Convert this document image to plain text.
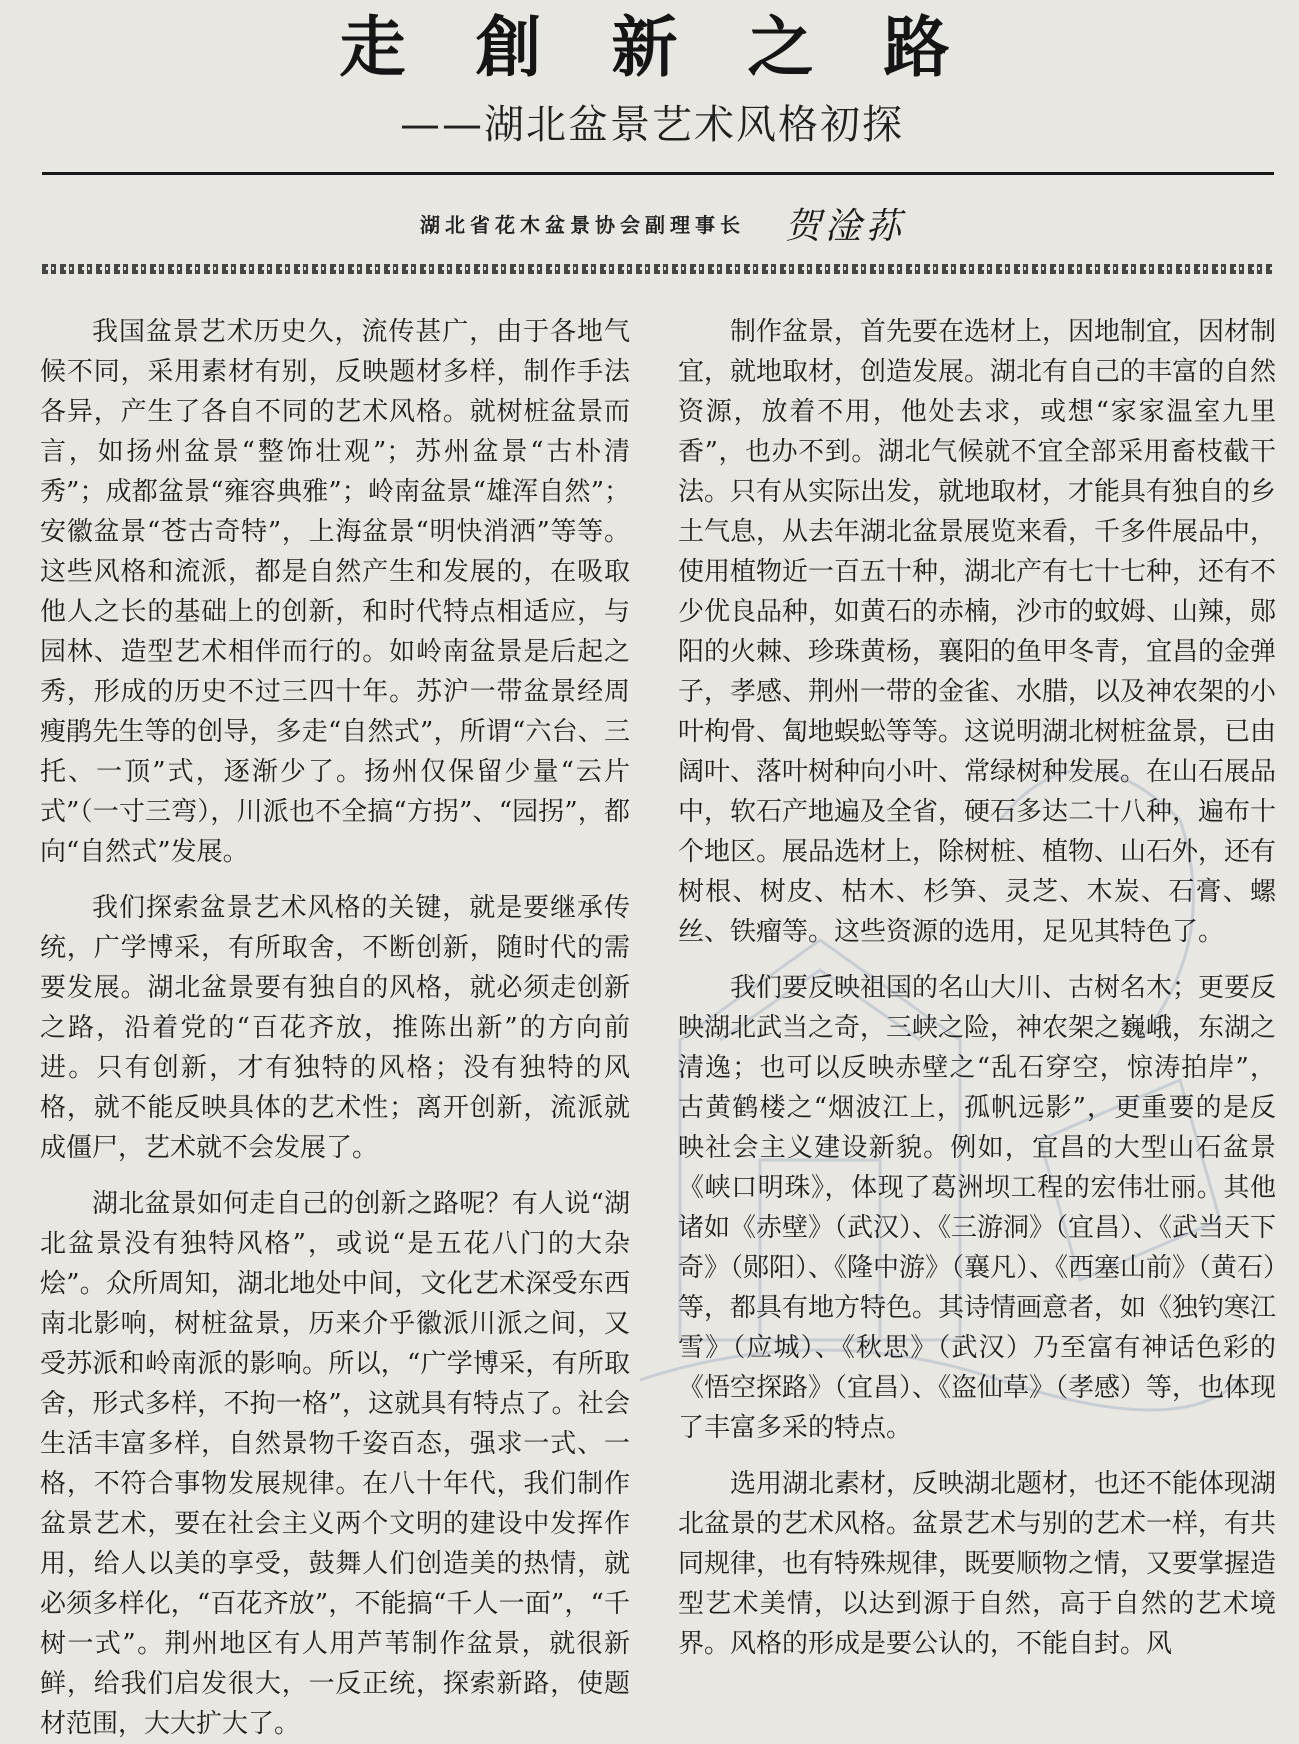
走創新之路
——湖北盆景艺术风格初探
湖北省花木盆景协会副理事长 贺淦荪

我国盆景艺术历史久，流传甚广，由于各地气候不同，采用素材有别，反映题材多样，制作手法各异，产生了各自不同的艺术风格。就树桩盆景而言，如扬州盆景“整饰壮观”；苏州盆景“古朴清秀”；成都盆景“雍容典雅”；岭南盆景“雄浑自然”；安徽盆景“苍古奇特”，上海盆景“明快消洒”等等。这些风格和流派，都是自然产生和发展的，在吸取他人之长的基础上的创新，和时代特点相适应，与园林、造型艺术相伴而行的。如岭南盆景是后起之秀，形成的历史不过三四十年。苏沪一带盆景经周瘦鹃先生等的创导，多走“自然式”，所谓“六台、三托、一顶”式，逐渐少了。扬州仅保留少量“云片式”（一寸三弯），川派也不全搞“方拐”、“园拐”，都向“自然式”发展。

我们探索盆景艺术风格的关键，就是要继承传统，广学博采，有所取舍，不断创新，随时代的需要发展。湖北盆景要有独自的风格，就必须走创新之路，沿着党的“百花齐放，推陈出新”的方向前进。只有创新，才有独特的风格；没有独特的风格，就不能反映具体的艺术性；离开创新，流派就成僵尸，艺术就不会发展了。

湖北盆景如何走自己的创新之路呢？有人说“湖北盆景没有独特风格”，或说“是五花八门的大杂烩”。众所周知，湖北地处中间，文化艺术深受东西南北影响，树桩盆景，历来介乎徽派川派之间，又受苏派和岭南派的影响。所以，“广学博采，有所取舍，形式多样，不拘一格”，这就具有特点了。社会生活丰富多样，自然景物千姿百态，强求一式、一格，不符合事物发展规律。在八十年代，我们制作盆景艺术，要在社会主义两个文明的建设中发挥作用，给人以美的享受，鼓舞人们创造美的热情，就必须多样化，“百花齐放”，不能搞“千人一面”，“千树一式”。荆州地区有人用芦苇制作盆景，就很新鲜，给我们启发很大，一反正统，探索新路，使题材范围，大大扩大了。

制作盆景，首先要在选材上，因地制宜，因材制宜，就地取材，创造发展。湖北有自己的丰富的自然资源，放着不用，他处去求，或想“家家温室九里香”，也办不到。湖北气候就不宜全部采用畜枝截干法。只有从实际出发，就地取材，才能具有独自的乡土气息，从去年湖北盆景展览来看，千多件展品中，使用植物近一百五十种，湖北产有七十七种，还有不少优良品种，如黄石的赤楠，沙市的蚊姆、山辣，郧阳的火棘、珍珠黄杨，襄阳的鱼甲冬青，宜昌的金弹子，孝感、荆州一带的金雀、水腊，以及神农架的小叶枸骨、匐地蜈蚣等等。这说明湖北树桩盆景，已由阔叶、落叶树种向小叶、常绿树种发展。在山石展品中，软石产地遍及全省，硬石多达二十八种，遍布十个地区。展品选材上，除树桩、植物、山石外，还有树根、树皮、枯木、杉笋、灵芝、木炭、石膏、螺丝、铁瘤等。这些资源的选用，足见其特色了。

我们要反映祖国的名山大川、古树名木；更要反映湖北武当之奇，三峡之险，神农架之巍峨，东湖之清逸；也可以反映赤壁之“乱石穿空，惊涛拍岸”，古黄鹤楼之“烟波江上，孤帆远影”，更重要的是反映社会主义建设新貌。例如，宜昌的大型山石盆景《峡口明珠》，体现了葛洲坝工程的宏伟壮丽。其他诸如《赤壁》（武汉）、《三游洞》（宜昌）、《武当天下奇》（郧阳）、《隆中游》（襄凡）、《西塞山前》（黄石）等，都具有地方特色。其诗情画意者，如《独钓寒江雪》（应城）、《秋思》（武汉）乃至富有神话色彩的《悟空探路》（宜昌）、《盗仙草》（孝感）等，也体现了丰富多采的特点。

选用湖北素材，反映湖北题材，也还不能体现湖北盆景的艺术风格。盆景艺术与别的艺术一样，有共同规律，也有特殊规律，既要顺物之情，又要掌握造型艺术美情，以达到源于自然，高于自然的艺术境界。风格的形成是要公认的，不能自封。风
